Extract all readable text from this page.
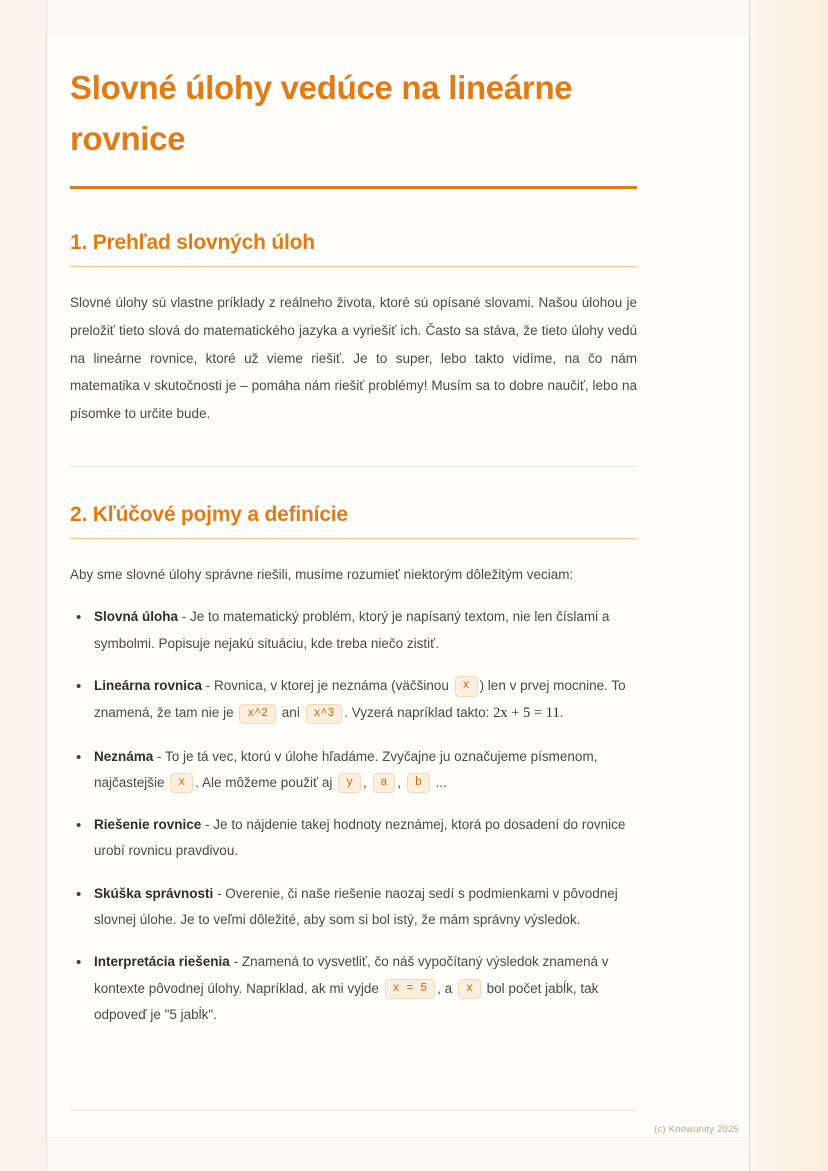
Slovné úlohy vedúce na lineárne rovnice
1. Prehľad slovných úloh

Slovné úlohy sú vlastne príklady z reálneho života, ktoré sú opísané slovami. Našou úlohou je preložiť tieto slová do matematického jazyka a vyriešiť ich. Často sa stáva, že tieto úlohy vedú na lineárne rovnice, ktoré už vieme riešiť. Je to super, lebo takto vidíme, na čo nám matematika v skutočnosti je – pomáha nám riešiť problémy! Musím sa to dobre naučiť, lebo na písomke to určite bude.

2. Kľúčové pojmy a definície

Aby sme slovné úlohy správne riešili, musíme rozumieť niektorým dôležitým veciam:

• Slovná úloha - Je to matematický problém, ktorý je napísaný textom, nie len číslami a symbolmi. Popisuje nejakú situáciu, kde treba niečo zistiť.
• Lineárna rovnica - Rovnica, v ktorej je neznáma (väčšinou x ) len v prvej mocnine. To znamená, že tam nie je x^2 ani x^3 . Vyzerá napríklad takto: 2x + 5 = 11.
• Neznáma - To je tá vec, ktorú v úlohe hľadáme. Zvyčajne ju označujeme písmenom, najčastejšie x . Ale môžeme použiť aj y , a , b ...
• Riešenie rovnice - Je to nájdenie takej hodnoty neznámej, ktorá po dosadení do rovnice urobí rovnicu pravdivou.
• Skúška správnosti - Overenie, či naše riešenie naozaj sedí s podmienkami v pôvodnej slovnej úlohe. Je to veľmi dôležité, aby som si bol istý, že mám správny výsledok.
• Interpretácia riešenia - Znamená to vysvetliť, čo náš vypočítaný výsledok znamená v kontexte pôvodnej úlohy. Napríklad, ak mi vyjde x = 5 , a x bol počet jabĺk, tak odpoveď je "5 jabĺk".
(c) Knowunity 2025
